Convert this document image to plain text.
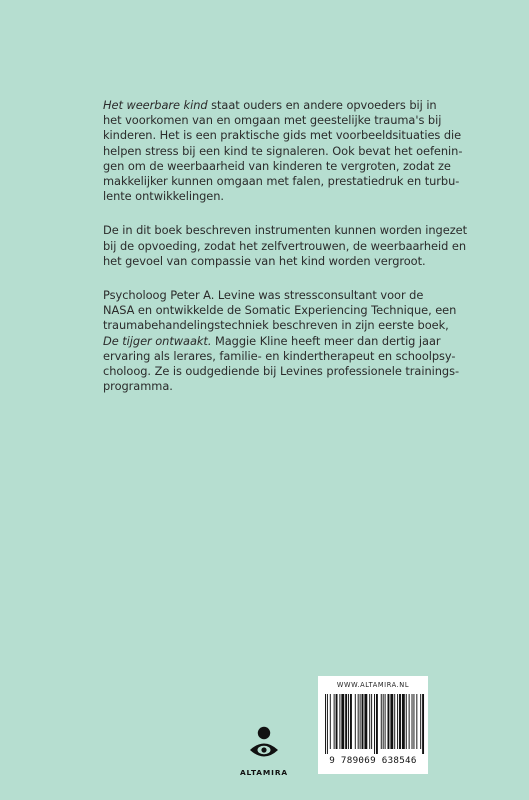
Het weerbare kind staat ouders en andere opvoeders bij in
het voorkomen van en omgaan met geestelijke trauma's bij
kinderen. Het is een praktische gids met voorbeeldsituaties die
helpen stress bij een kind te signaleren. Ook bevat het oefenin-
gen om de weerbaarheid van kinderen te vergroten, zodat ze
makkelijker kunnen omgaan met falen, prestatiedruk en turbu-
lente ontwikkelingen.

De in dit boek beschreven instrumenten kunnen worden ingezet
bij de opvoeding, zodat het zelfvertrouwen, de weerbaarheid en
het gevoel van compassie van het kind worden vergroot.

Psycholoog Peter A. Levine was stressconsultant voor de
NASA en ontwikkelde de Somatic Experiencing Technique, een
traumabehandelingstechniek beschreven in zijn eerste boek,
De tijger ontwaakt. Maggie Kline heeft meer dan dertig jaar
ervaring als lerares, familie- en kindertherapeut en schoolpsy-
choloog. Ze is oudgediende bij Levines professionele trainings-
programma.

ALTAMIRA
WWW.ALTAMIRA.NL
9 789069 638546
